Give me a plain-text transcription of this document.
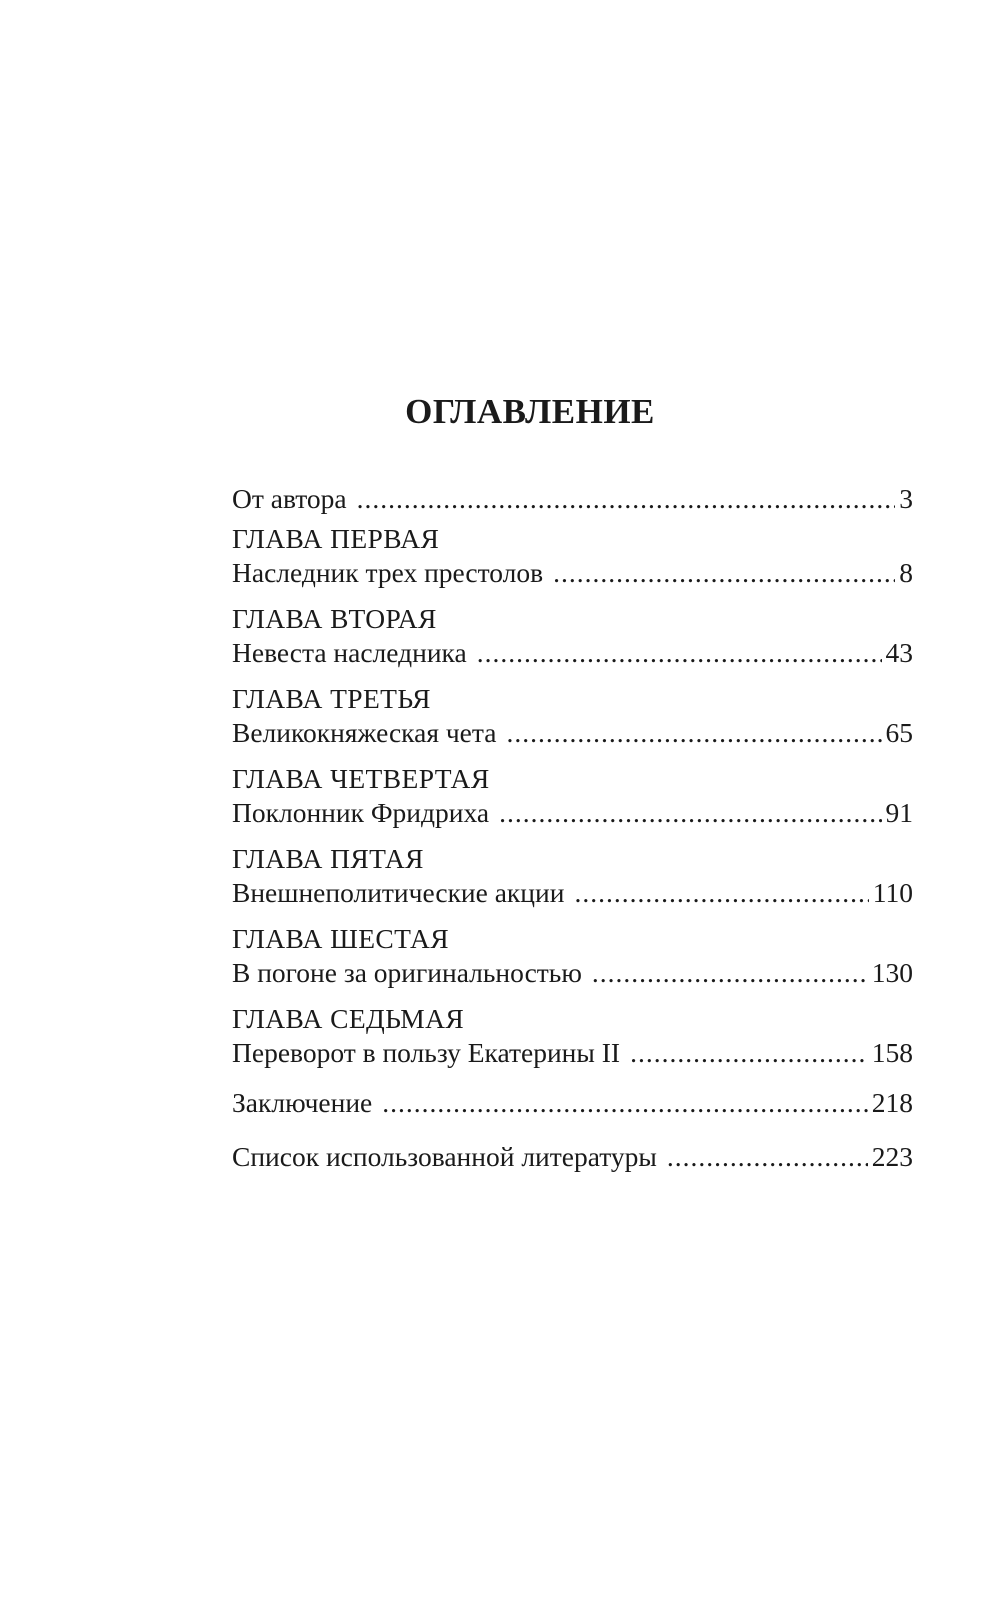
ОГЛАВЛЕНИЕ
От автора .....	3
ГЛАВА ПЕРВАЯ
Наследник трех престолов .....	8
ГЛАВА ВТОРАЯ
Невеста наследника .....	43
ГЛАВА ТРЕТЬЯ
Великокняжеская чета .....	65
ГЛАВА ЧЕТВЕРТАЯ
Поклонник Фридриха .....	91
ГЛАВА ПЯТАЯ
Внешнеполитические акции .....	110
ГЛАВА ШЕСТАЯ
В погоне за оригинальностью .....	130
ГЛАВА СЕДЬМАЯ
Переворот в пользу Екатерины II .....	158
Заключение .....	218
Список использованной литературы .....	223
